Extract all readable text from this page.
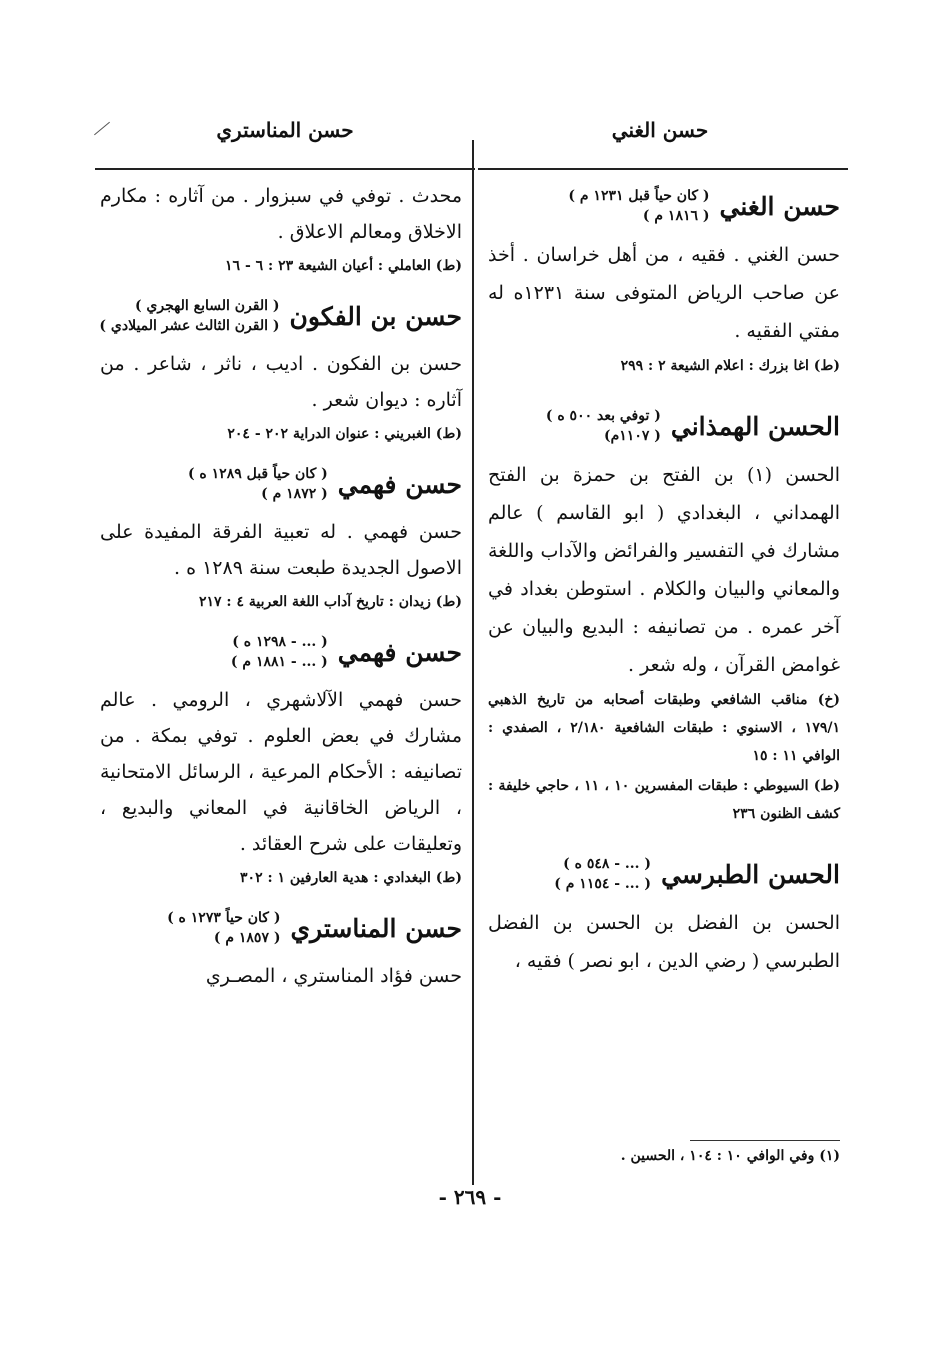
حسن الغني
حسن المناستري
حسن الغني
( كان حياً قبل ١٢٣١ م )
( ١٨١٦ م )

حسن الغني . فقيه ، من أهل خراسان . أخذ عن صاحب الرياض المتوفى سنة ١٢٣١ه له مفتي الفقيه .

(ط) اغا بزرك : اعلام الشيعة ٢ : ٢٩٩

الحسن الهمذاني
( توفي بعد ٥٠٠ ه )
( ١١٠٧م)

الحسن (١) بن الفتح بن حمزة بن الفتح الهمداني ، البغدادي ( ابو القاسم ) عالم مشارك في التفسير والفرائض والآداب واللغة والمعاني والبيان والكلام . استوطن بغداد في آخر عمره . من تصانيفه : البديع والبيان عن غوامض القرآن ، وله شعر .

(خ) مناقب الشافعي وطبقات أصحابه من تاريخ الذهبي ١٧٩/١ ، الاسنوي : طبقات الشافعية ٢/١٨٠ ، الصفدي : الوافي ١١ : ١٥

(ط) السيوطي : طبقات المفسرين ١٠ ، ١١ ، حاجي خليفة : كشف الظنون ٢٣٦

الحسن الطبرسي
( ... - ٥٤٨ ه )
( ... - ١١٥٤ م )

الحسن بن الفضل بن الحسن بن الفضل الطبرسي ( رضي الدين ، ابو نصر ) فقيه ،

(١) وفي الوافي ١٠ : ١٠٤ ، الحسين .

محدث . توفي في سبزوار . من آثاره : مكارم الاخلاق ومعالم الاعلاق .

(ط) العاملي : أعيان الشيعة ٢٣ : ٦ - ١٦

حسن بن الفكون
( القرن السابع الهجري )
( القرن الثالث عشر الميلادي )

حسن بن الفكون . اديب ، ناثر ، شاعر . من آثاره : ديوان شعر .

(ط) الغبريني : عنوان الدراية ٢٠٢ - ٢٠٤

حسن فهمي
( كان حياً قبل ١٢٨٩ ه )
( ١٨٧٢ م )

حسن فهمي . له تعبية الفرقة المفيدة على الاصول الجديدة طبعت سنة ١٢٨٩ ه .

(ط) زيدان : تاريخ آداب اللغة العربية ٤ : ٢١٧

حسن فهمي
( ... - ١٢٩٨ ه )
( ... - ١٨٨١ م )

حسن فهمي الآلاشهري ، الرومي . عالم مشارك في بعض العلوم . توفي بمكة . من تصانيفه : الأحكام المرعية ، الرسائل الامتحانية ، الرياض الخاقانية في المعاني والبديع ، وتعليقات على شرح العقائد .

(ط) البغدادي : هدية العارفين ١ : ٣٠٢

حسن المناستري
( كان حياً ١٢٧٣ ه )
( ١٨٥٧ م )

حسن فؤاد المناستري ، المصـري

- ٢٦٩ -
